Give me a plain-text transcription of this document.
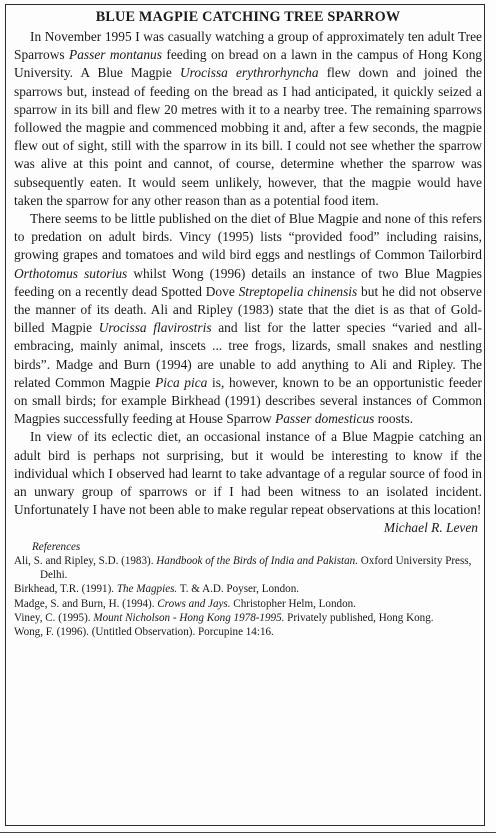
BLUE MAGPIE CATCHING TREE SPARROW

In November 1995 I was casually watching a group of approximately ten adult Tree Sparrows Passer montanus feeding on bread on a lawn in the campus of Hong Kong University. A Blue Magpie Urocissa erythrorhyncha flew down and joined the sparrows but, instead of feeding on the bread as I had anticipated, it quickly seized a sparrow in its bill and flew 20 metres with it to a nearby tree. The remaining sparrows followed the magpie and commenced mobbing it and, after a few seconds, the magpie flew out of sight, still with the sparrow in its bill. I could not see whether the sparrow was alive at this point and cannot, of course, determine whether the sparrow was subsequently eaten. It would seem unlikely, however, that the magpie would have taken the sparrow for any other reason than as a potential food item.

There seems to be little published on the diet of Blue Magpie and none of this refers to predation on adult birds. Vincy (1995) lists “provided food” including raisins, growing grapes and tomatoes and wild bird eggs and nestlings of Common Tailorbird Orthotomus sutorius whilst Wong (1996) details an instance of two Blue Magpies feeding on a recently dead Spotted Dove Streptopelia chinensis but he did not observe the manner of its death. Ali and Ripley (1983) state that the diet is as that of Gold-billed Magpie Urocissa flavirostris and list for the latter species “varied and all-embracing, mainly animal, inscets ... tree frogs, lizards, small snakes and nestling birds”. Madge and Burn (1994) are unable to add anything to Ali and Ripley. The related Common Magpie Pica pica is, however, known to be an opportunistic feeder on small birds; for example Birkhead (1991) describes several instances of Common Magpies successfully feeding at House Sparrow Passer domesticus roosts.

In view of its eclectic diet, an occasional instance of a Blue Magpie catching an adult bird is perhaps not surprising, but it would be interesting to know if the individual which I observed had learnt to take advantage of a regular source of food in an unwary group of sparrows or if I had been witness to an isolated incident. Unfortunately I have not been able to make regular repeat observations at this location!

Michael R. Leven

References

Ali, S. and Ripley, S.D. (1983). Handbook of the Birds of India and Pakistan. Oxford University Press, Delhi.

Birkhead, T.R. (1991). The Magpies. T. & A.D. Poyser, London.

Madge, S. and Burn, H. (1994). Crows and Jays. Christopher Helm, London.

Viney, C. (1995). Mount Nicholson - Hong Kong 1978-1995. Privately published, Hong Kong.

Wong, F. (1996). (Untitled Observation). Porcupine 14:16.
